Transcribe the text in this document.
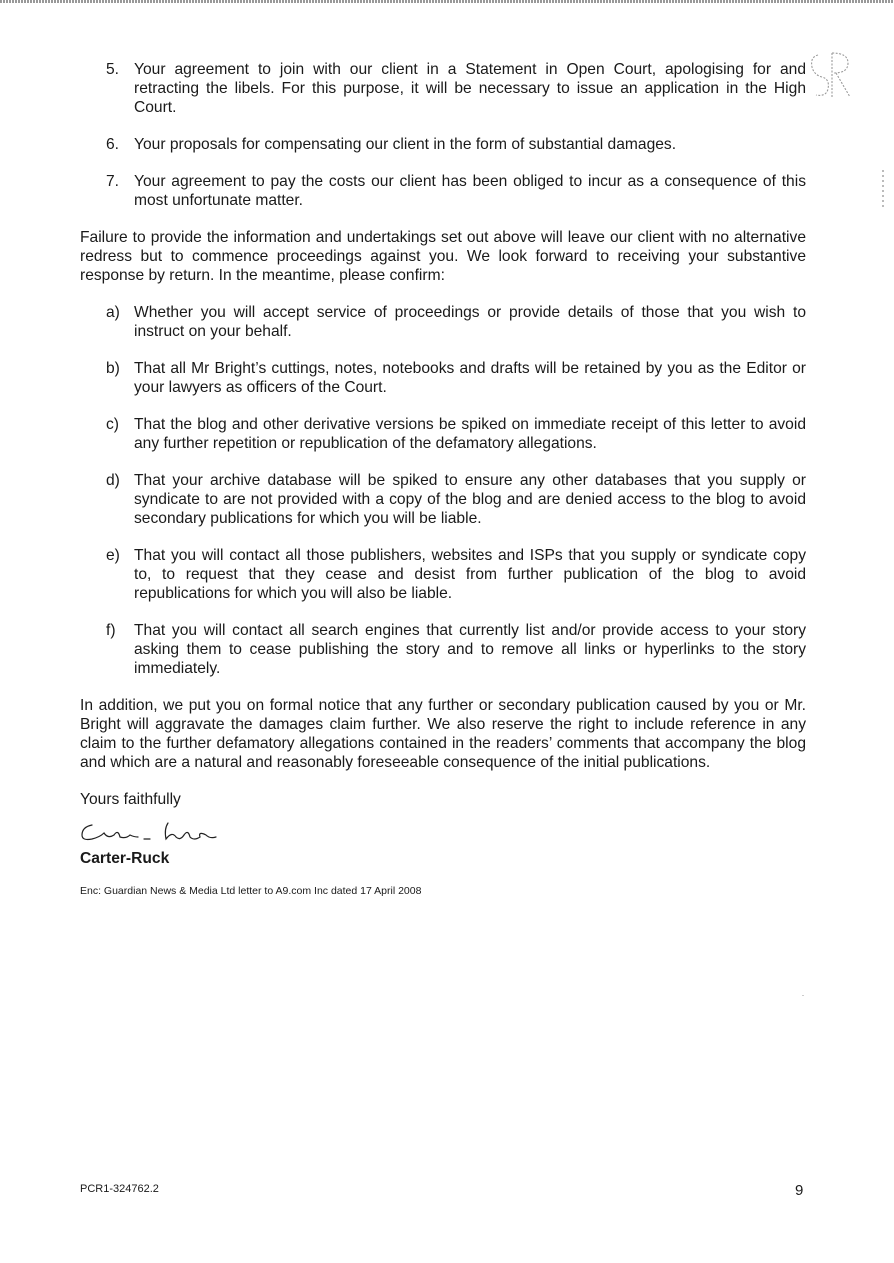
5. Your agreement to join with our client in a Statement in Open Court, apologising for and retracting the libels. For this purpose, it will be necessary to issue an application in the High Court.
6. Your proposals for compensating our client in the form of substantial damages.
7. Your agreement to pay the costs our client has been obliged to incur as a consequence of this most unfortunate matter.

Failure to provide the information and undertakings set out above will leave our client with no alternative redress but to commence proceedings against you. We look forward to receiving your substantive response by return. In the meantime, please confirm:

a) Whether you will accept service of proceedings or provide details of those that you wish to instruct on your behalf.
b) That all Mr Bright’s cuttings, notes, notebooks and drafts will be retained by you as the Editor or your lawyers as officers of the Court.
c) That the blog and other derivative versions be spiked on immediate receipt of this letter to avoid any further repetition or republication of the defamatory allegations.
d) That your archive database will be spiked to ensure any other databases that you supply or syndicate to are not provided with a copy of the blog and are denied access to the blog to avoid secondary publications for which you will be liable.
e) That you will contact all those publishers, websites and ISPs that you supply or syndicate copy to, to request that they cease and desist from further publication of the blog to avoid republications for which you will also be liable.
f)	That you will contact all search engines that currently list and/or provide access to your story asking them to cease publishing the story and to remove all links or hyperlinks to the story immediately.

In addition, we put you on formal notice that any further or secondary publication caused by you or Mr. Bright will aggravate the damages claim further. We also reserve the right to include reference in any claim to the further defamatory allegations contained in the readers’ comments that accompany the blog and which are a natural and reasonably foreseeable consequence of the initial publications.

Yours faithfully

Carter-Ruck

Enc: Guardian News & Media Ltd letter to A9.com Inc dated 17 April 2008

PCR1-324762.2	9
